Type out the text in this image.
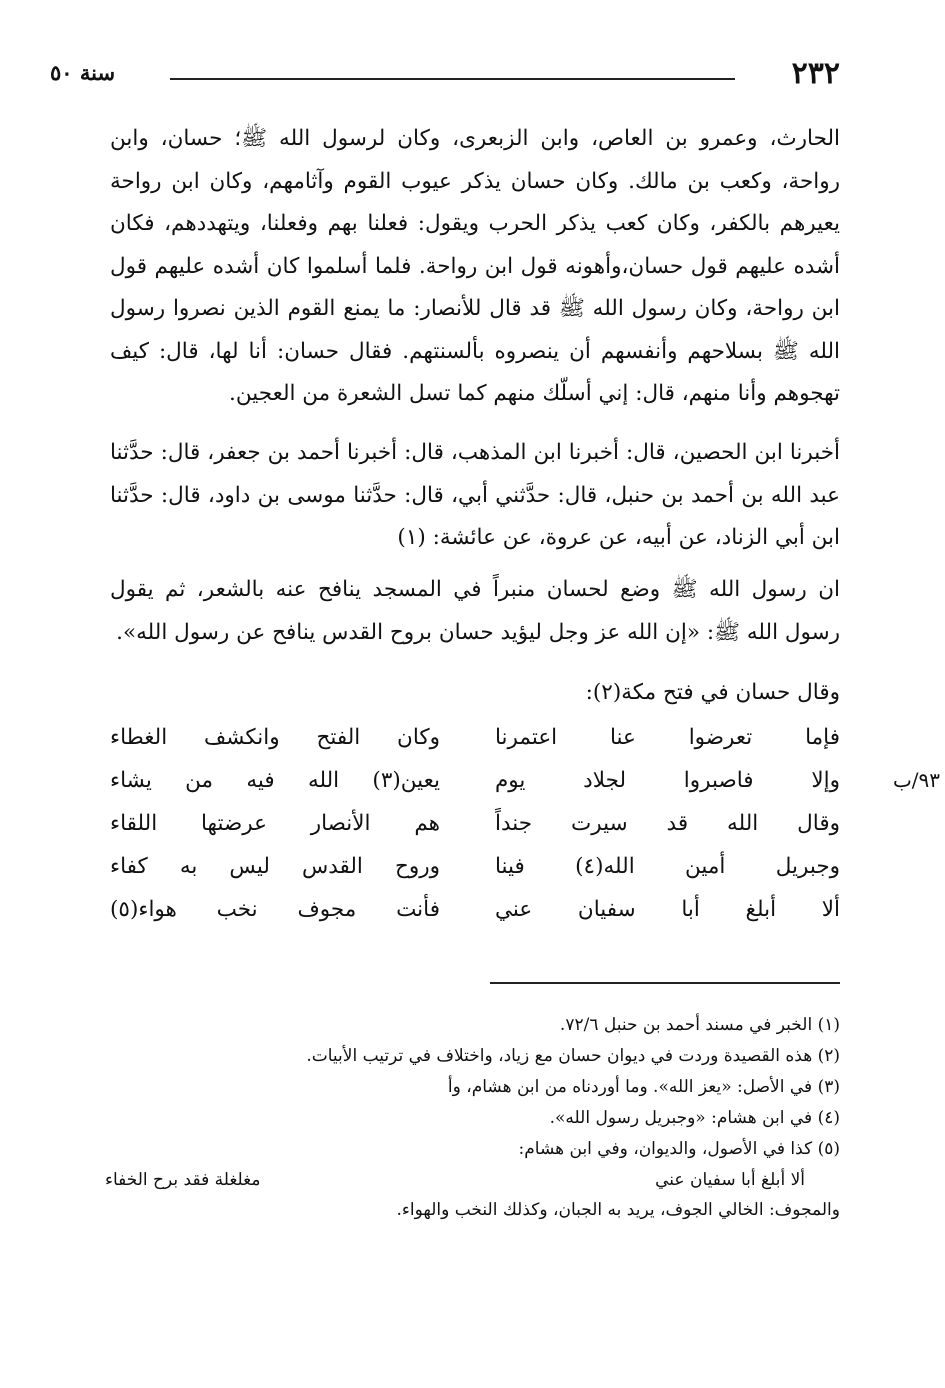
٢٣٢
سنة ٥٠

الحارث، وعمرو بن العاص، وابن الزبعرى، وكان لرسول الله ﷺ؛ حسان، وابن رواحة، وكعب بن مالك. وكان حسان يذكر عيوب القوم وآثامهم، وكان ابن رواحة يعيرهم بالكفر، وكان كعب يذكر الحرب ويقول: فعلنا بهم وفعلنا، ويتهددهم، فكان أشده عليهم قول حسان،وأهونه قول ابن رواحة. فلما أسلموا كان أشده عليهم قول ابن رواحة، وكان رسول الله ﷺ قد قال للأنصار: ما يمنع القوم الذين نصروا رسول الله ﷺ بسلاحهم وأنفسهم أن ينصروه بألسنتهم. فقال حسان: أنا لها، قال: كيف تهجوهم وأنا منهم، قال: إني أسلّك منهم كما تسل الشعرة من العجين.

أخبرنا ابن الحصين، قال: أخبرنا ابن المذهب، قال: أخبرنا أحمد بن جعفر، قال: حدَّثنا عبد الله بن أحمد بن حنبل، قال: حدَّثني أبي، قال: حدَّثنا موسى بن داود، قال: حدَّثنا ابن أبي الزناد، عن أبيه، عن عروة، عن عائشة: (١)

ان رسول الله ﷺ وضع لحسان منبراً في المسجد ينافح عنه بالشعر، ثم يقول رسول الله ﷺ: «إن الله عز وجل ليؤيد حسان بروح القدس ينافح عن رسول الله».

وقال حسان في فتح مكة(٢):

فإما تعرضوا عنا اعتمرنا
وكان الفتح وانكشف الغطاء
٩٣/ب
وإلا فاصبروا لجلاد يوم
يعين(٣) الله فيه من يشاء
وقال الله قد سيرت جنداً
هم الأنصار عرضتها اللقاء
وجبريل أمين الله(٤) فينا
وروح القدس ليس به كفاء
ألا أبلغ أبا سفيان عني
فأنت مجوف نخب هواء(٥)

(١) الخبر في مسند أحمد بن حنبل ٧٢/٦.

(٢) هذه القصيدة وردت في ديوان حسان مع زياد، واختلاف في ترتيب الأبيات.

(٣) في الأصل: «يعز الله». وما أوردناه من ابن هشام، وأ

(٤) في ابن هشام: «وجبريل رسول الله».

(٥) كذا في الأصول، والديوان، وفي ابن هشام:

ألا أبلغ أبا سفيان عني
مغلغلة فقد برح الخفاء

والمجوف: الخالي الجوف، يريد به الجبان، وكذلك النخب والهواء.
